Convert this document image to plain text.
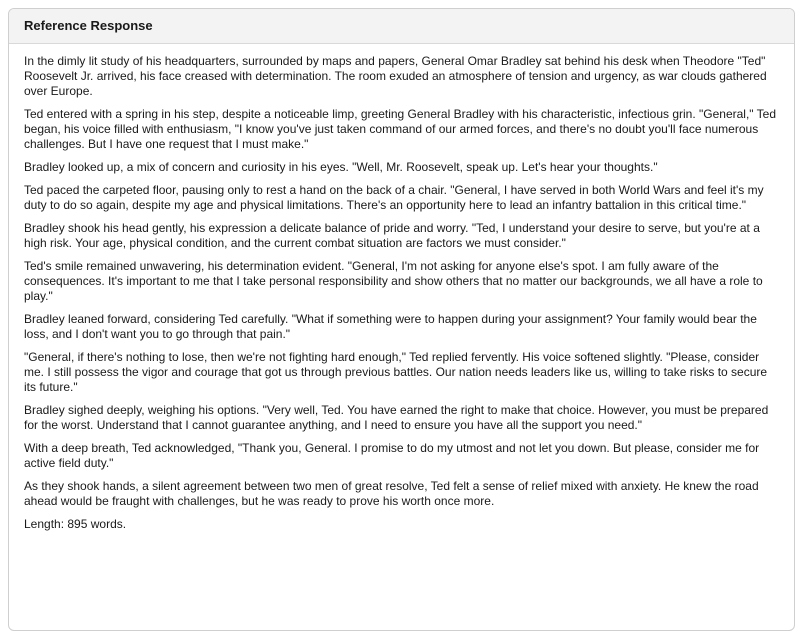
Reference Response

In the dimly lit study of his headquarters, surrounded by maps and papers, General Omar Bradley sat behind his desk when Theodore "Ted" Roosevelt Jr. arrived, his face creased with determination. The room exuded an atmosphere of tension and urgency, as war clouds gathered over Europe.

Ted entered with a spring in his step, despite a noticeable limp, greeting General Bradley with his characteristic, infectious grin. "General," Ted began, his voice filled with enthusiasm, "I know you've just taken command of our armed forces, and there's no doubt you'll face numerous challenges. But I have one request that I must make."

Bradley looked up, a mix of concern and curiosity in his eyes. "Well, Mr. Roosevelt, speak up. Let's hear your thoughts."

Ted paced the carpeted floor, pausing only to rest a hand on the back of a chair. "General, I have served in both World Wars and feel it's my duty to do so again, despite my age and physical limitations. There's an opportunity here to lead an infantry battalion in this critical time."

Bradley shook his head gently, his expression a delicate balance of pride and worry. "Ted, I understand your desire to serve, but you're at a high risk. Your age, physical condition, and the current combat situation are factors we must consider."

Ted's smile remained unwavering, his determination evident. "General, I'm not asking for anyone else's spot. I am fully aware of the consequences. It's important to me that I take personal responsibility and show others that no matter our backgrounds, we all have a role to play."

Bradley leaned forward, considering Ted carefully. "What if something were to happen during your assignment? Your family would bear the loss, and I don't want you to go through that pain."

"General, if there's nothing to lose, then we're not fighting hard enough," Ted replied fervently. His voice softened slightly. "Please, consider me. I still possess the vigor and courage that got us through previous battles. Our nation needs leaders like us, willing to take risks to secure its future."

Bradley sighed deeply, weighing his options. "Very well, Ted. You have earned the right to make that choice. However, you must be prepared for the worst. Understand that I cannot guarantee anything, and I need to ensure you have all the support you need."

With a deep breath, Ted acknowledged, "Thank you, General. I promise to do my utmost and not let you down. But please, consider me for active field duty."

As they shook hands, a silent agreement between two men of great resolve, Ted felt a sense of relief mixed with anxiety. He knew the road ahead would be fraught with challenges, but he was ready to prove his worth once more.

Length: 895 words.
